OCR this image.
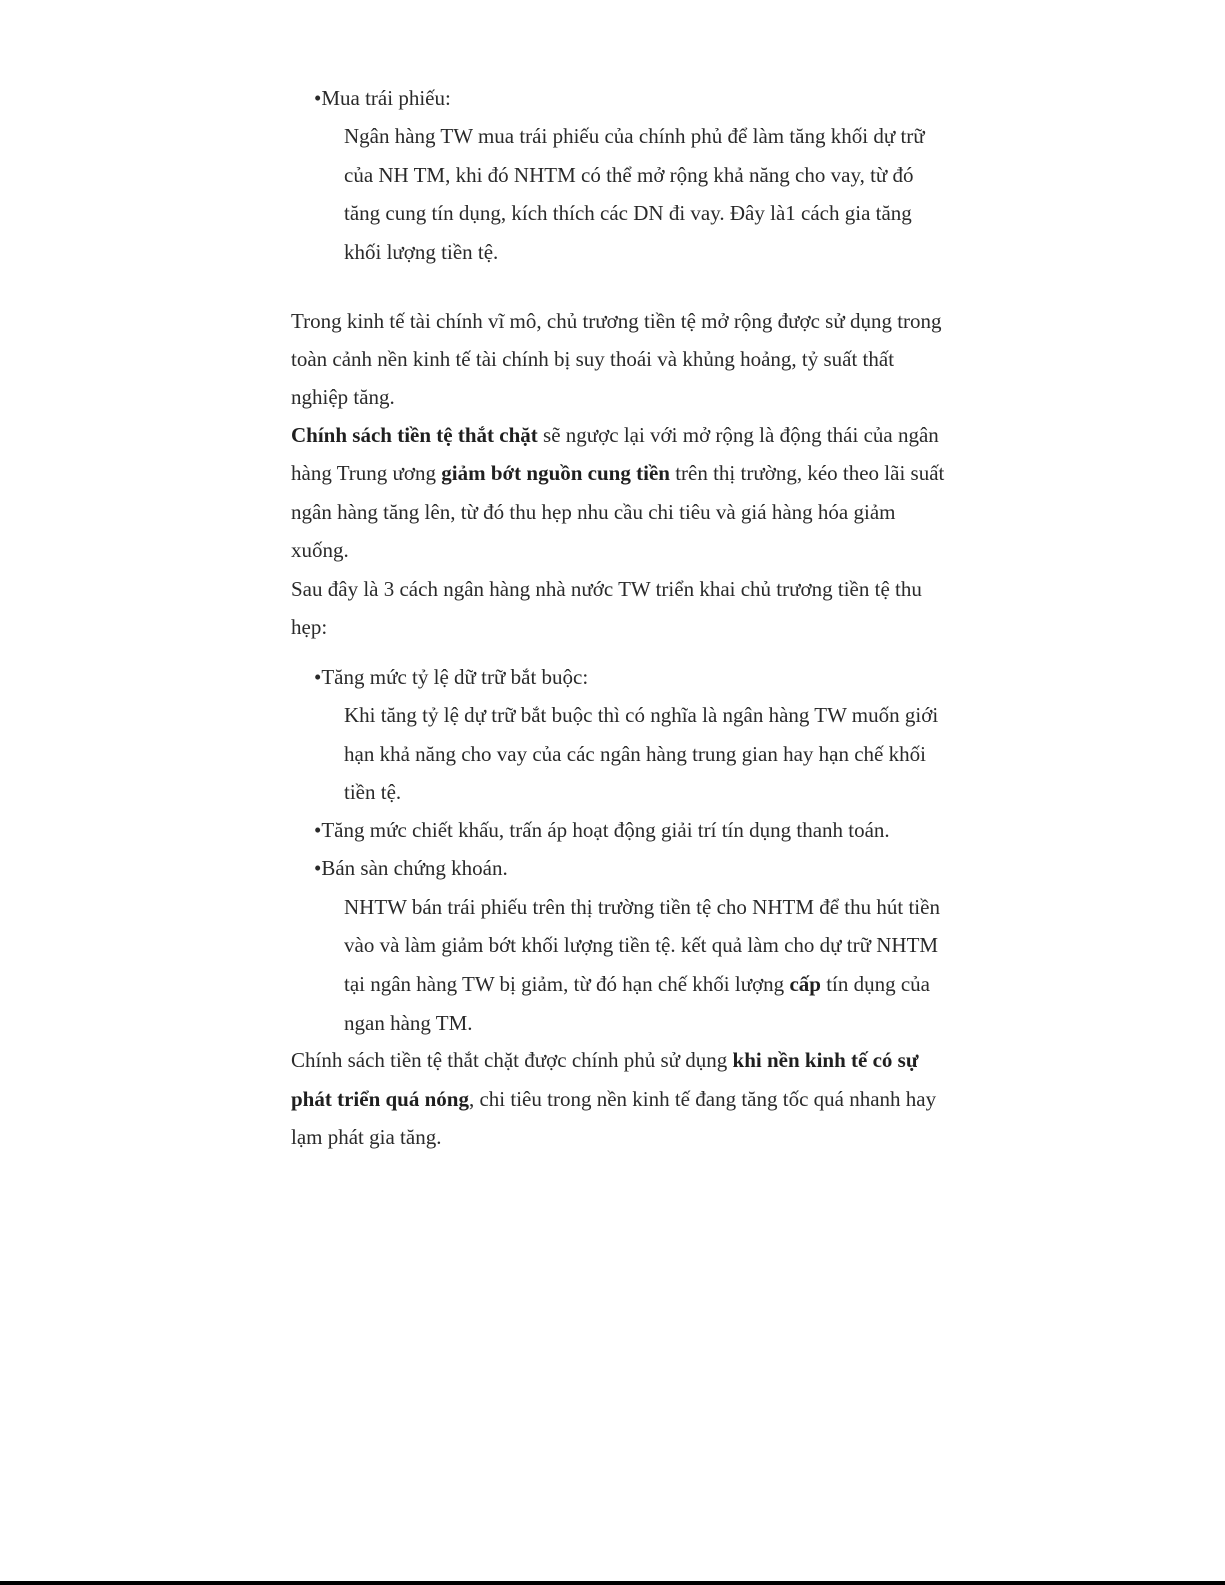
•Mua trái phiếu:
Ngân hàng TW mua trái phiếu của chính phủ để làm tăng khối dự trữ
của NH TM, khi đó NHTM có thể mở rộng khả năng cho vay, từ đó
tăng cung tín dụng, kích thích các DN đi vay. Đây là1 cách gia tăng
khối lượng tiền tệ.
Trong kinh tế tài chính vĩ mô, chủ trương tiền tệ mở rộng được sử dụng trong
toàn cảnh nền kinh tế tài chính bị suy thoái và khủng hoảng, tỷ suất thất
nghiệp tăng.
Chính sách tiền tệ thắt chặt sẽ ngược lại với mở rộng là động thái của ngân
hàng Trung ương giảm bớt nguồn cung tiền trên thị trường, kéo theo lãi suất
ngân hàng tăng lên, từ đó thu hẹp nhu cầu chi tiêu và giá hàng hóa giảm
xuống.
Sau đây là 3 cách ngân hàng nhà nước TW triển khai chủ trương tiền tệ thu
hẹp:
•Tăng mức tỷ lệ dữ trữ bắt buộc:
Khi tăng tỷ lệ dự trữ bắt buộc thì có nghĩa là ngân hàng TW muốn giới
hạn khả năng cho vay của các ngân hàng trung gian hay hạn chế khối
tiền tệ.
•Tăng mức chiết khấu, trấn áp hoạt động giải trí tín dụng thanh toán.
•Bán sàn chứng khoán.
NHTW bán trái phiếu trên thị trường tiền tệ cho NHTM để thu hút tiền
vào và làm giảm bớt khối lượng tiền tệ. kết quả làm cho dự trữ NHTM
tại ngân hàng TW bị giảm, từ đó hạn chế khối lượng cấp tín dụng của
ngan hàng TM.
Chính sách tiền tệ thắt chặt được chính phủ sử dụng khi nền kinh tế có sự
phát triển quá nóng, chi tiêu trong nền kinh tế đang tăng tốc quá nhanh hay
lạm phát gia tăng.
